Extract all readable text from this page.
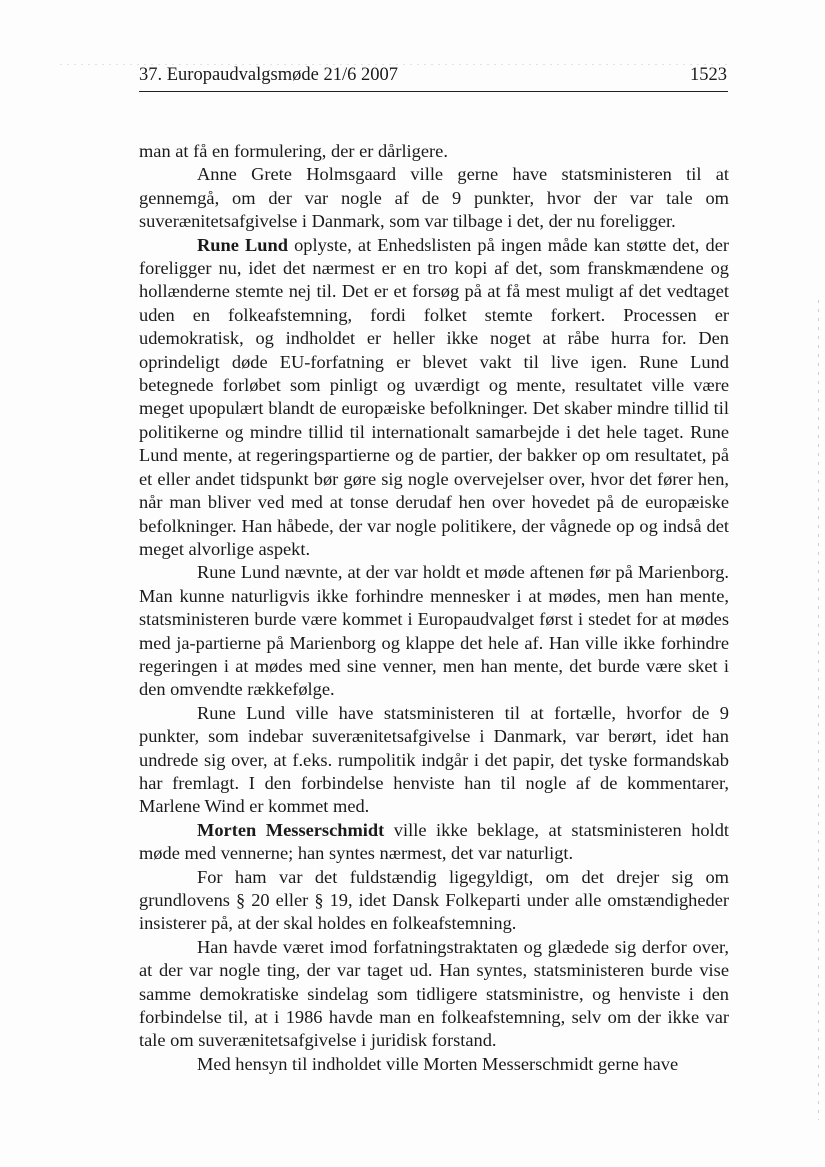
37. Europaudvalgsmøde 21/6 2007	1523

man at få en formulering, der er dårligere.

Anne Grete Holmsgaard ville gerne have statsministeren til at gennemgå, om der var nogle af de 9 punkter, hvor der var tale om suverænitetsafgivelse i Danmark, som var tilbage i det, der nu foreligger.

Rune Lund oplyste, at Enhedslisten på ingen måde kan støtte det, der foreligger nu, idet det nærmest er en tro kopi af det, som franskmændene og hollænderne stemte nej til. Det er et forsøg på at få mest muligt af det vedtaget uden en folkeafstemning, fordi folket stemte forkert. Processen er udemokratisk, og indholdet er heller ikke noget at råbe hurra for. Den oprindeligt døde EU-forfatning er blevet vakt til live igen. Rune Lund betegnede forløbet som pinligt og uværdigt og mente, resultatet ville være meget upopulært blandt de europæiske befolkninger. Det skaber mindre tillid til politikerne og mindre tillid til internationalt samarbejde i det hele taget. Rune Lund mente, at regeringspartierne og de partier, der bakker op om resultatet, på et eller andet tidspunkt bør gøre sig nogle overvejelser over, hvor det fører hen, når man bliver ved med at tonse derudaf hen over hovedet på de europæiske befolkninger. Han håbede, der var nogle politikere, der vågnede op og indså det meget alvorlige aspekt.

Rune Lund nævnte, at der var holdt et møde aftenen før på Marienborg. Man kunne naturligvis ikke forhindre mennesker i at mødes, men han mente, statsministeren burde være kommet i Europaudvalget først i stedet for at mødes med ja-partierne på Marienborg og klappe det hele af. Han ville ikke forhindre regeringen i at mødes med sine venner, men han mente, det burde være sket i den omvendte rækkefølge.

Rune Lund ville have statsministeren til at fortælle, hvorfor de 9 punkter, som indebar suverænitetsafgivelse i Danmark, var berørt, idet han undrede sig over, at f.eks. rumpolitik indgår i det papir, det tyske formandskab har fremlagt. I den forbindelse henviste han til nogle af de kommentarer, Marlene Wind er kommet med.

Morten Messerschmidt ville ikke beklage, at statsministeren holdt møde med vennerne; han syntes nærmest, det var naturligt.

For ham var det fuldstændig ligegyldigt, om det drejer sig om grundlovens § 20 eller § 19, idet Dansk Folkeparti under alle omstændigheder insisterer på, at der skal holdes en folkeafstemning.

Han havde været imod forfatningstraktaten og glædede sig derfor over, at der var nogle ting, der var taget ud. Han syntes, statsministeren burde vise samme demokratiske sindelag som tidligere statsministre, og henviste i den forbindelse til, at i 1986 havde man en folkeafstemning, selv om der ikke var tale om suverænitetsafgivelse i juridisk forstand.

Med hensyn til indholdet ville Morten Messerschmidt gerne have
